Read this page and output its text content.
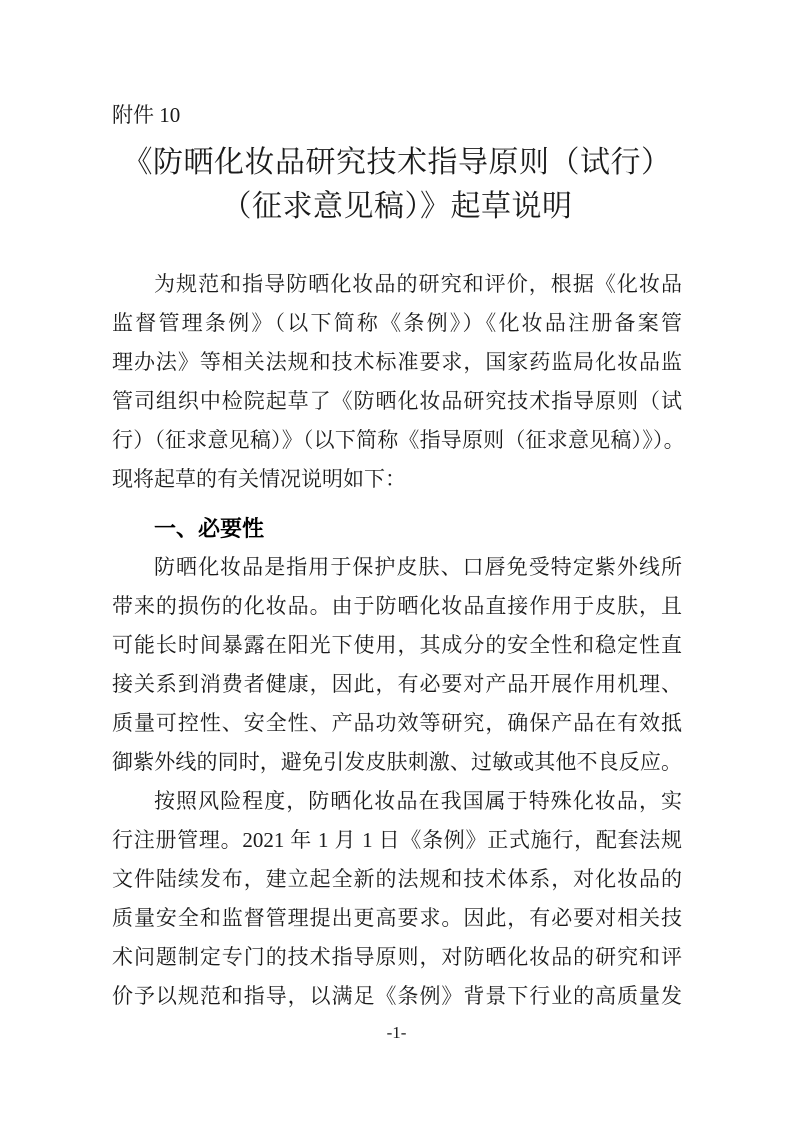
附件 10
《防晒化妆品研究技术指导原则（试行）
（征求意见稿）》起草说明
为规范和指导防晒化妆品的研究和评价，根据《化妆品
监督管理条例》（以下简称《条例》）《化妆品注册备案管
理办法》等相关法规和技术标准要求，国家药监局化妆品监
管司组织中检院起草了《防晒化妆品研究技术指导原则（试
行）（征求意见稿）》（以下简称《指导原则（征求意见稿）》）。
现将起草的有关情况说明如下：
一、必要性
防晒化妆品是指用于保护皮肤、口唇免受特定紫外线所
带来的损伤的化妆品。由于防晒化妆品直接作用于皮肤，且
可能长时间暴露在阳光下使用，其成分的安全性和稳定性直
接关系到消费者健康，因此，有必要对产品开展作用机理、
质量可控性、安全性、产品功效等研究，确保产品在有效抵
御紫外线的同时，避免引发皮肤刺激、过敏或其他不良反应。
按照风险程度，防晒化妆品在我国属于特殊化妆品，实
行注册管理。2021 年 1 月 1 日《条例》正式施行，配套法规
文件陆续发布，建立起全新的法规和技术体系，对化妆品的
质量安全和监督管理提出更高要求。因此，有必要对相关技
术问题制定专门的技术指导原则，对防晒化妆品的研究和评
价予以规范和指导，以满足《条例》背景下行业的高质量发
-1-
